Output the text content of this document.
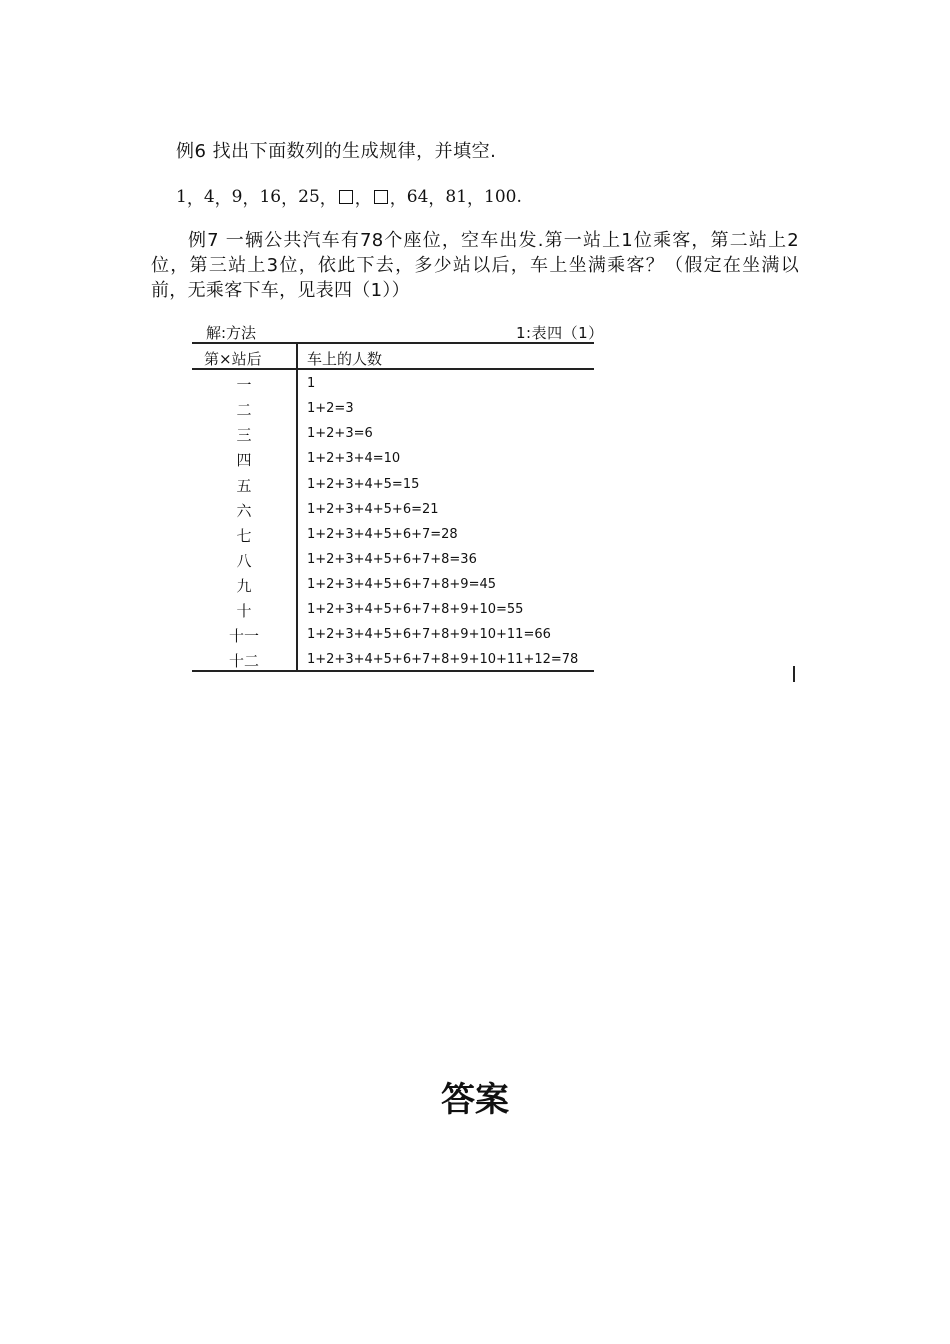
例6 找出下面数列的生成规律，并填空.
1 ， 4 ， 9 ， 16 ， 25 ， ， ， 64 ， 81 ， 100.
例7 一辆公共汽车有78个座位，空车出发.第一站上1位乘客，第二站上2位，第三站上3位，依此下去，多少站以后，车上坐满乘客？（假定在坐满以前，无乘客下车，见表四（1））
解:方法	1:表四（1）
第×站后	车上的人数
一	1
二	1+2=3
三	1+2+3=6
四	1+2+3+4=10
五	1+2+3+4+5=15
六	1+2+3+4+5+6=21
七	1+2+3+4+5+6+7=28
八	1+2+3+4+5+6+7+8=36
九	1+2+3+4+5+6+7+8+9=45
十	1+2+3+4+5+6+7+8+9+10=55
十一	1+2+3+4+5+6+7+8+9+10+11=66
十二	1+2+3+4+5+6+7+8+9+10+11+12=78
答案
